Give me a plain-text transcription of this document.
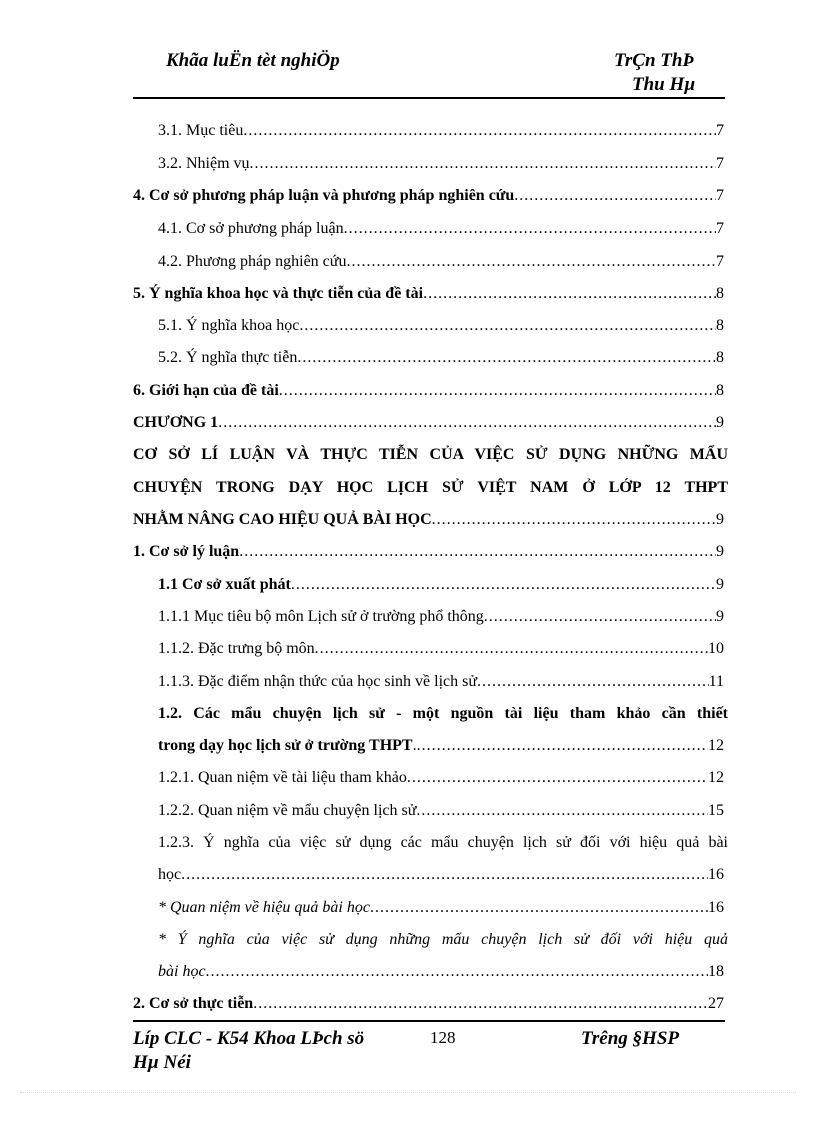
Khãa luËn tèt nghiÖp	TrÇn ThÞ
Thu Hµ
3.1. Mục tiêu .....	7
3.2. Nhiệm vụ .....	7
4. Cơ sở phương pháp luận và phương pháp nghiên cứu .....	7
4.1. Cơ sở phương pháp luận .....	7
4.2. Phương pháp nghiên cứu .....	7
5. Ý nghĩa khoa học và thực tiễn của đề tài .....	8
5.1. Ý nghĩa khoa học .....	8
5.2. Ý nghĩa thực tiễn .....	8
6. Giới hạn của đề tài .....	8
CHƯƠNG 1 .....	9
CƠ SỞ LÍ LUẬN VÀ THỰC TIỄN CỦA VIỆC SỬ DỤNG NHỮNG MẨU
CHUYỆN TRONG DẠY HỌC LỊCH SỬ VIỆT NAM Ở LỚP 12 THPT
NHẰM NÂNG CAO HIỆU QUẢ BÀI HỌC .....	9
1. Cơ sở lý luận .....	9
1.1 Cơ sở xuất phát .....	9
1.1.1 Mục tiêu bộ môn Lịch sử ở trường phổ thông .....	9
1.1.2. Đặc trưng bộ môn .....	10
1.1.3. Đặc điểm nhận thức của học sinh về lịch sử .....	11
1.2. Các mẩu chuyện lịch sử - một nguồn tài liệu tham khảo cần thiết
trong dạy học lịch sử ở trường THPT . .....	12
1.2.1. Quan niệm về tài liệu tham khảo .....	12
1.2.2. Quan niệm về mẩu chuyện lịch sử .....	15
1.2.3. Ý nghĩa của việc sử dụng các mẩu chuyện lịch sử đối với hiệu quả bài
học .....	16
* Quan niệm về hiệu quả bài học .....	16
* Ý nghĩa của việc sử dụng những mẩu chuyện lịch sử đối với hiệu quả
bài học .....	18
2. Cơ sở thực tiễn .....	27
Líp CLC - K54 Khoa LÞch sö	128	Trêng §HSP
Hµ Néi
